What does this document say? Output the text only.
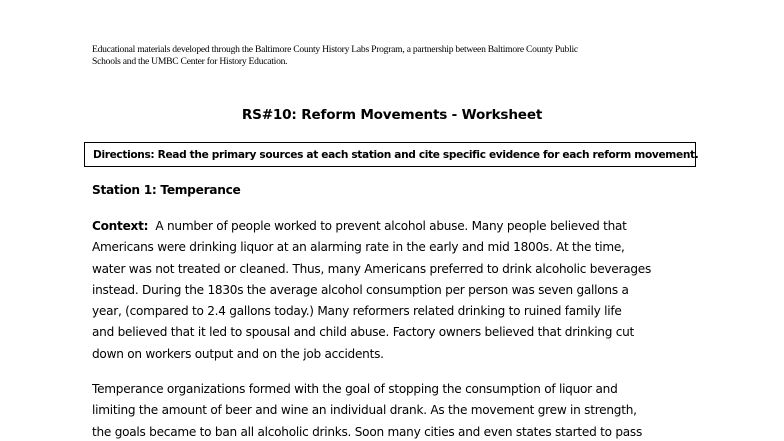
Educational materials developed through the Baltimore County History Labs Program, a partnership between Baltimore County Public
Schools and the UMBC Center for History Education.
RS#10: Reform Movements - Worksheet
Directions: Read the primary sources at each station and cite specific evidence for each reform movement.
Station 1: Temperance
Context:  A number of people worked to prevent alcohol abuse. Many people believed that
Americans were drinking liquor at an alarming rate in the early and mid 1800s. At the time,
water was not treated or cleaned. Thus, many Americans preferred to drink alcoholic beverages
instead. During the 1830s the average alcohol consumption per person was seven gallons a
year, (compared to 2.4 gallons today.) Many reformers related drinking to ruined family life
and believed that it led to spousal and child abuse. Factory owners believed that drinking cut
down on workers output and on the job accidents.
Temperance organizations formed with the goal of stopping the consumption of liquor and
limiting the amount of beer and wine an individual drank. As the movement grew in strength,
the goals became to ban all alcoholic drinks. Soon many cities and even states started to pass
